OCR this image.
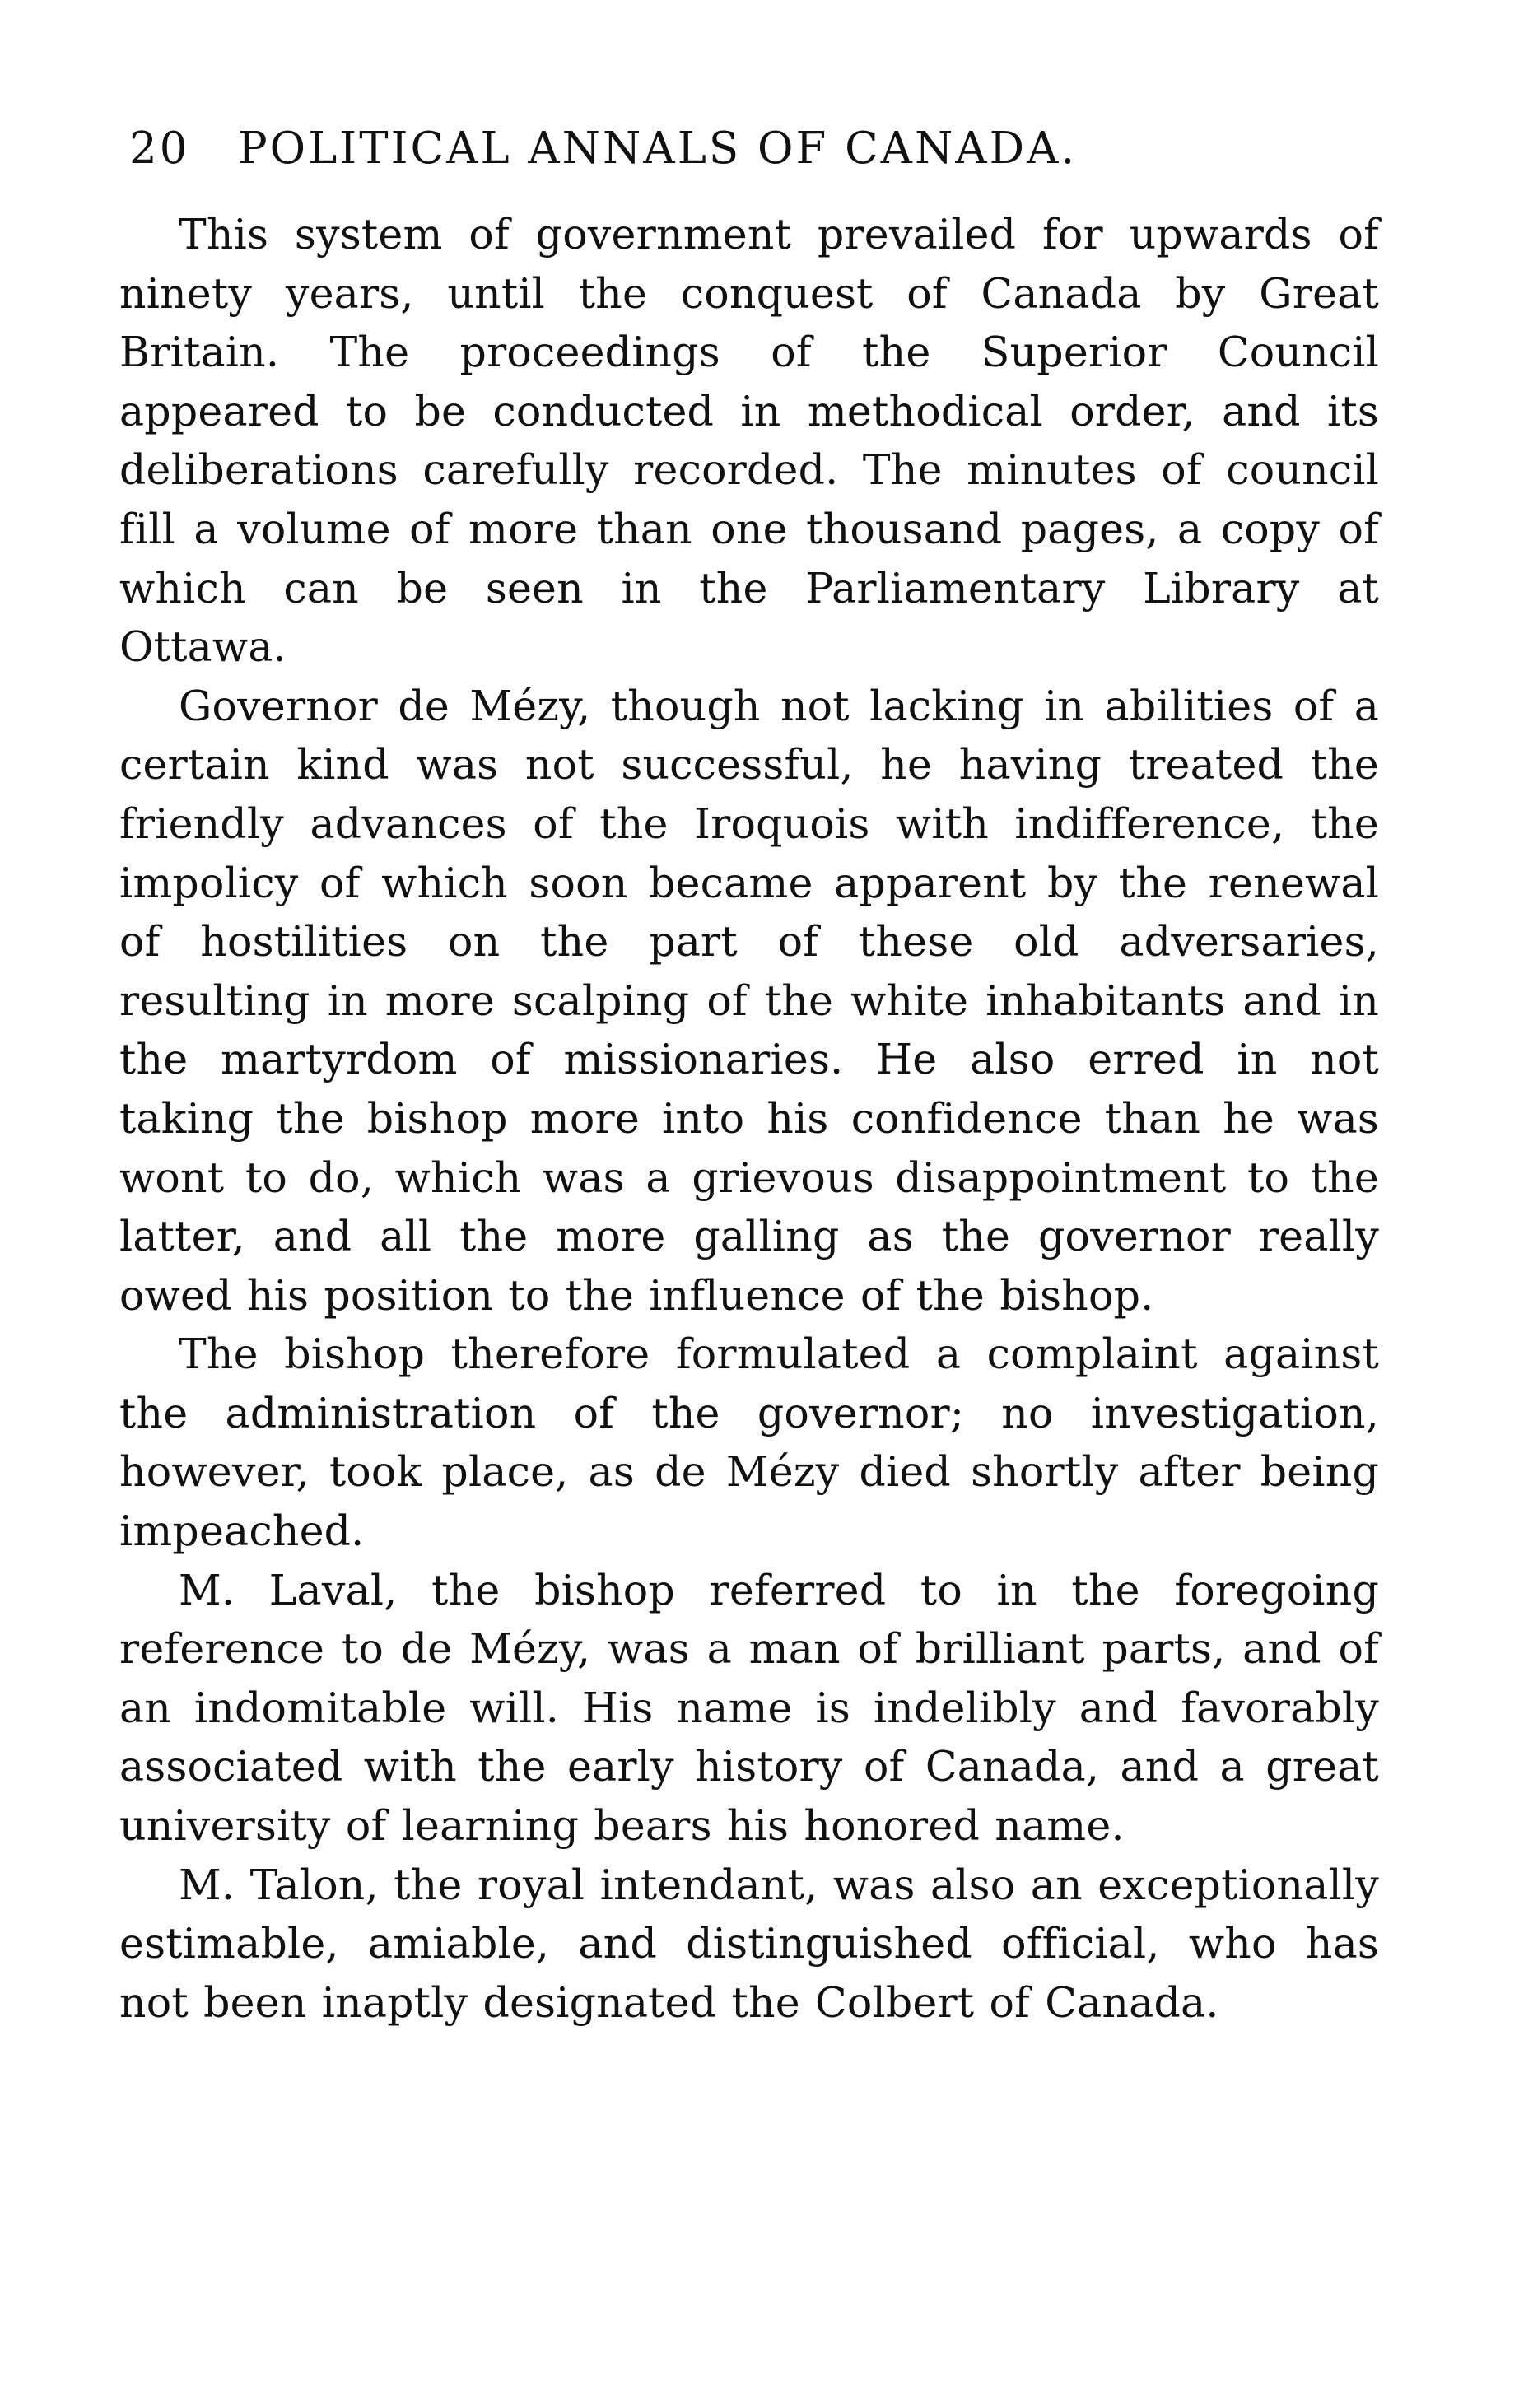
20	POLITICAL ANNALS OF CANADA.

This system of government prevailed for upwards of ninety years, until the conquest of Canada by Great Britain. The proceedings of the Superior Council appeared to be conducted in methodical order, and its deliberations carefully recorded. The minutes of council fill a volume of more than one thousand pages, a copy of which can be seen in the Parliamentary Library at Ottawa.

Governor de Mézy, though not lacking in abilities of a certain kind was not successful, he having treated the friendly advances of the Iroquois with indifference, the impolicy of which soon became apparent by the renewal of hostilities on the part of these old adversaries, resulting in more scalping of the white inhabitants and in the martyrdom of missionaries. He also erred in not taking the bishop more into his confidence than he was wont to do, which was a grievous disappointment to the latter, and all the more galling as the governor really owed his position to the influence of the bishop.

The bishop therefore formulated a complaint against the administration of the governor; no investigation, however, took place, as de Mézy died shortly after being impeached.

M. Laval, the bishop referred to in the foregoing reference to de Mézy, was a man of brilliant parts, and of an indomitable will. His name is indelibly and favorably associated with the early history of Canada, and a great university of learning bears his honored name.

M. Talon, the royal intendant, was also an exceptionally estimable, amiable, and distinguished official, who has not been inaptly designated the Colbert of Canada.
